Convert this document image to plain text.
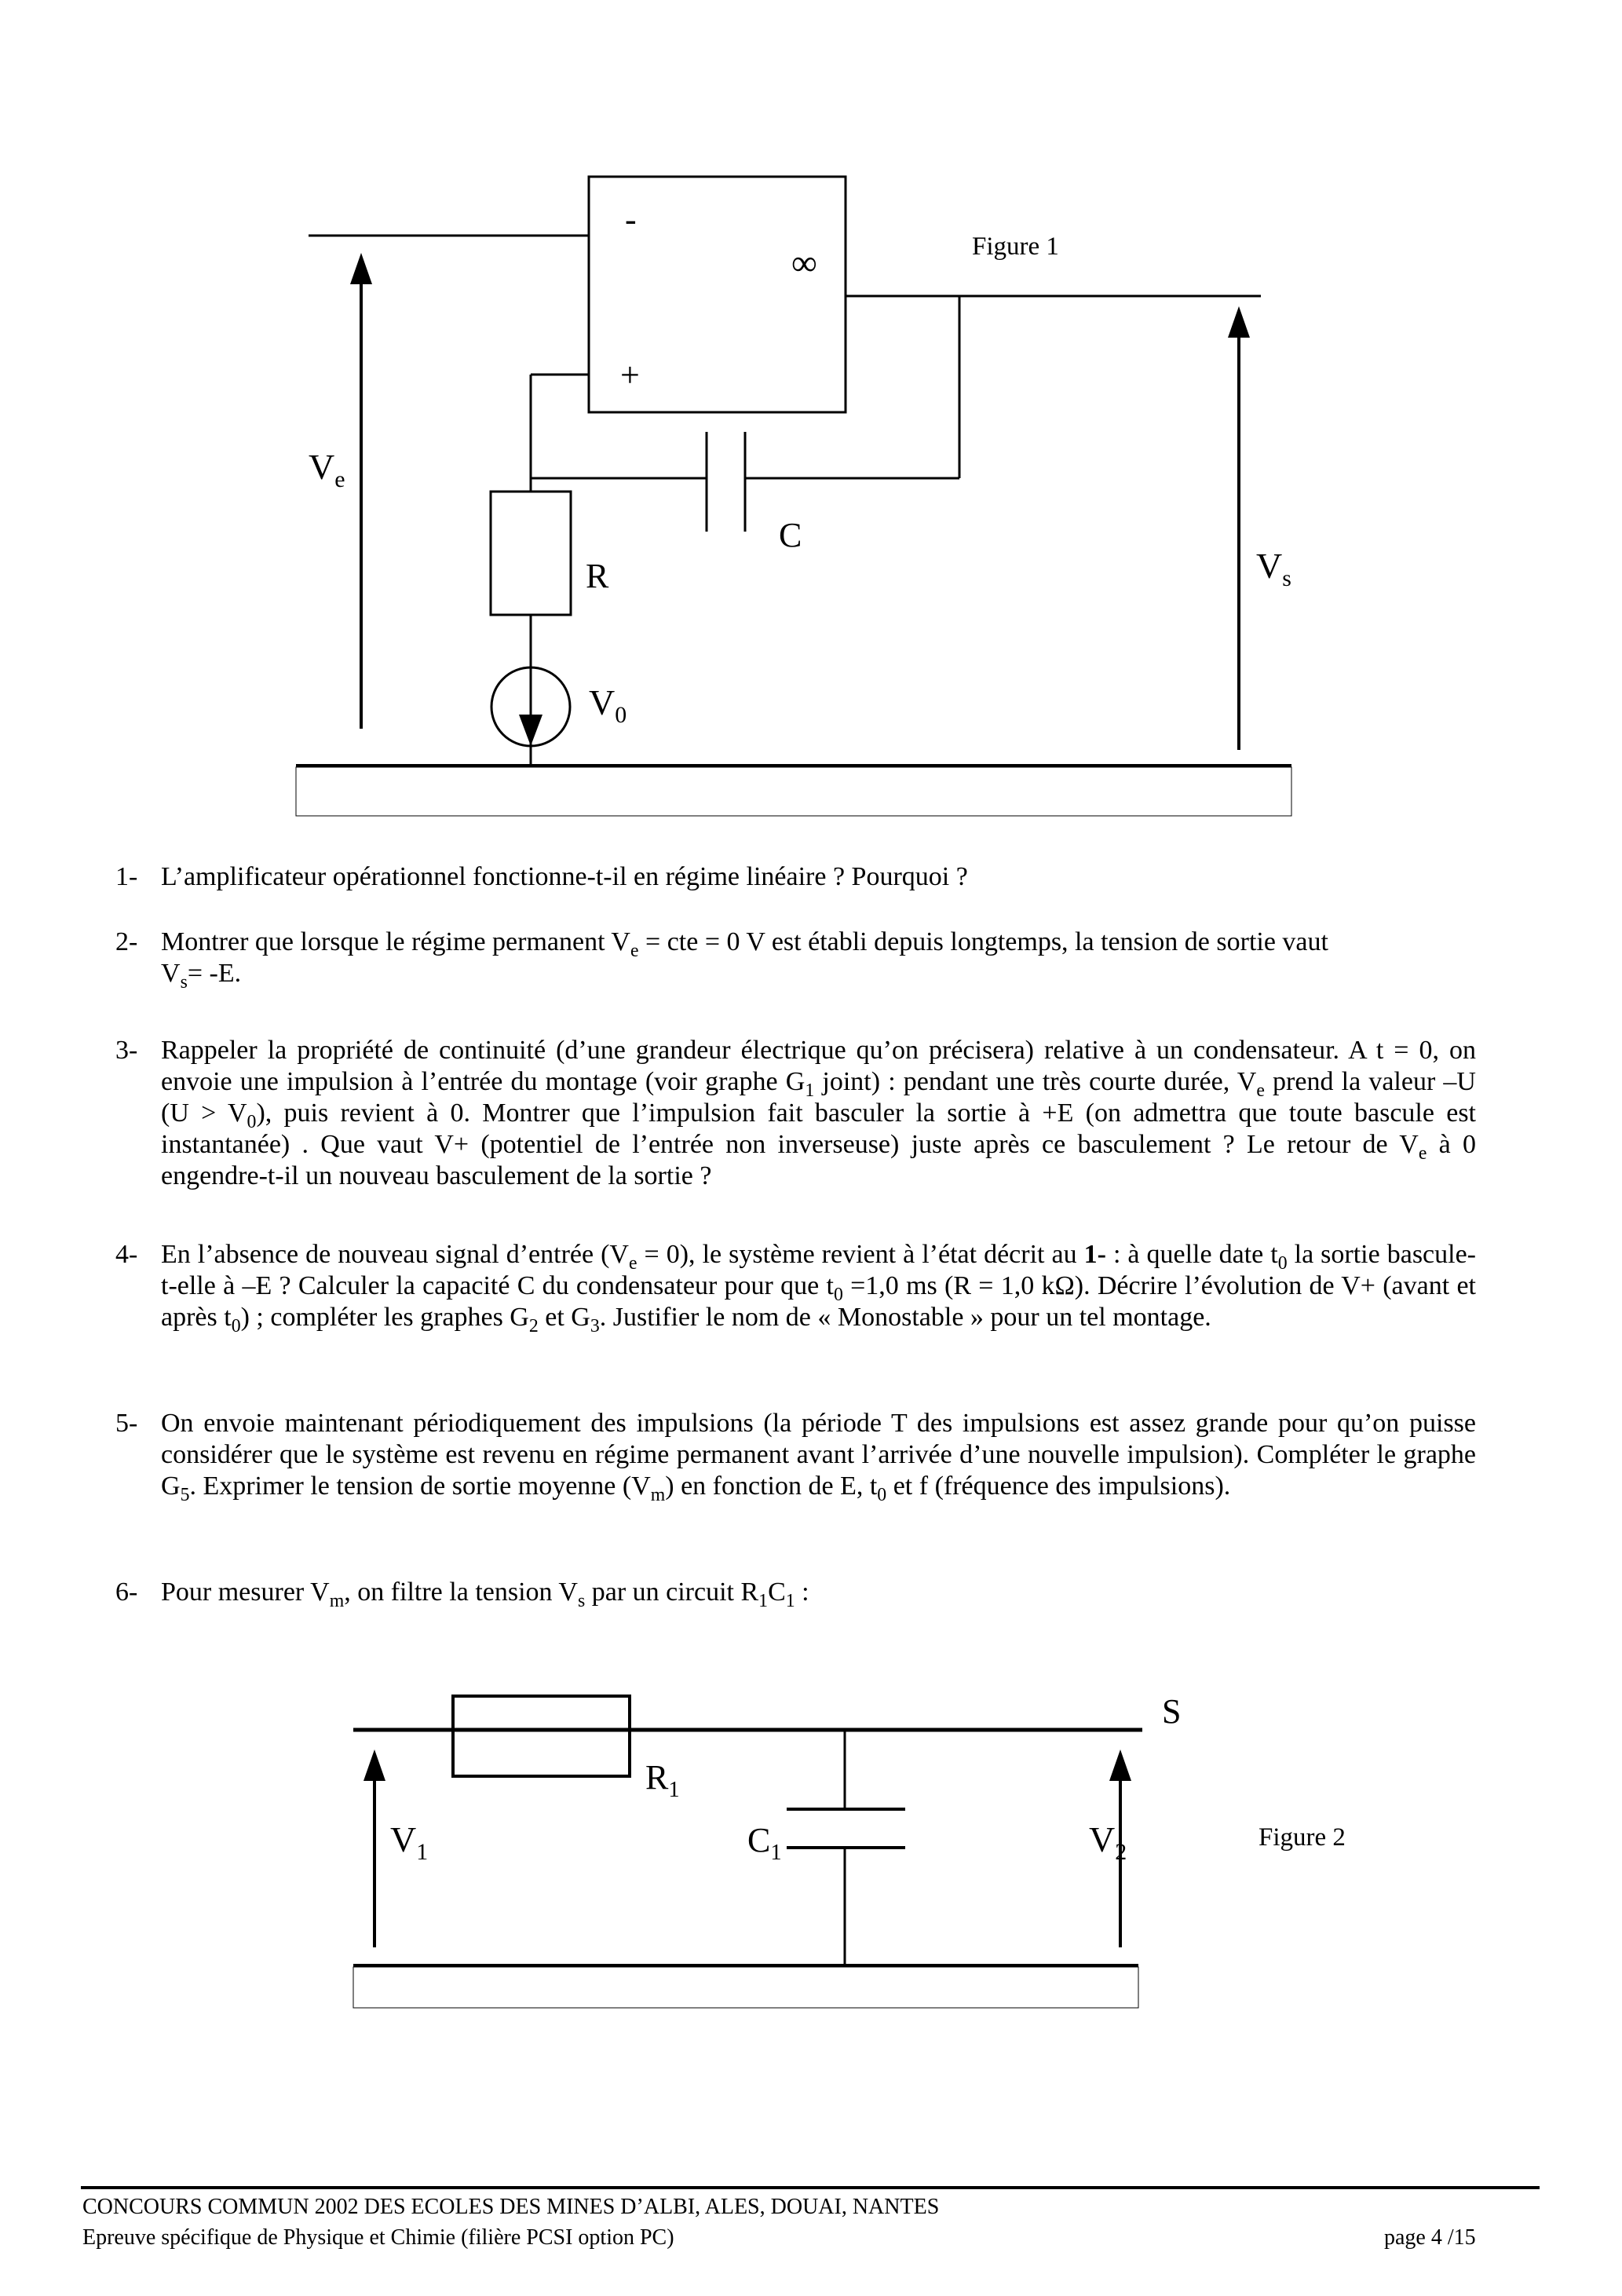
Figure 1
-
+
∞
$V_e$
$V_s$
R
C
$V_0$
1- L’amplificateur opérationnel fonctionne-t-il en régime linéaire ? Pourquoi ?
2- Montrer que lorsque le régime permanent $V_e$ = cte = 0 V est établi depuis longtemps, la tension de sortie vaut
$V_s= -E$.
3- Rappeler la propriété de continuité (d’une grandeur électrique qu’on précisera) relative à un condensateur. A t = 0, on envoie une impulsion à l’entrée du montage (voir graphe $G_1$ joint) : pendant une très courte durée, $V_e$ prend la valeur –U $(U > V_0)$, puis revient à 0. Montrer que l’impulsion fait basculer la sortie à +E (on admettra que toute bascule est instantanée) . Que vaut V+ (potentiel de l’entrée non inverseuse) juste après ce basculement ? Le retour de $V_e$ à 0 engendre-t-il un nouveau basculement de la sortie ?
4- En l’absence de nouveau signal d’entrée $(V_e = 0)$, le système revient à l’état décrit au 1- : à quelle date $t_0$ la sortie bascule-t-elle à –E ? Calculer la capacité C du condensateur pour que $t_0 =1,0$ ms (R = 1,0 kΩ). Décrire l’évolution de V+ (avant et après $t_0$) ; compléter les graphes $G_2$ et $G_3$. Justifier le nom de « Monostable » pour un tel montage.
5- On envoie maintenant périodiquement des impulsions (la période T des impulsions est assez grande pour qu’on puisse considérer que le système est revenu en régime permanent avant l’arrivée d’une nouvelle impulsion). Compléter le graphe $G_5$. Exprimer le tension de sortie moyenne $(V_m)$ en fonction de E, $t_0$ et f (fréquence des impulsions).
6- Pour mesurer $V_m$, on filtre la tension $V_s$ par un circuit $R_1C_1$ :
$R_1$
$C_1$
$V_1$	$V_2$
S
Figure 2
CONCOURS COMMUN 2002 DES ECOLES DES MINES D’ALBI, ALES, DOUAI, NANTES
Epreuve spécifique de Physique et Chimie (filière PCSI option PC)	page 4 /15
